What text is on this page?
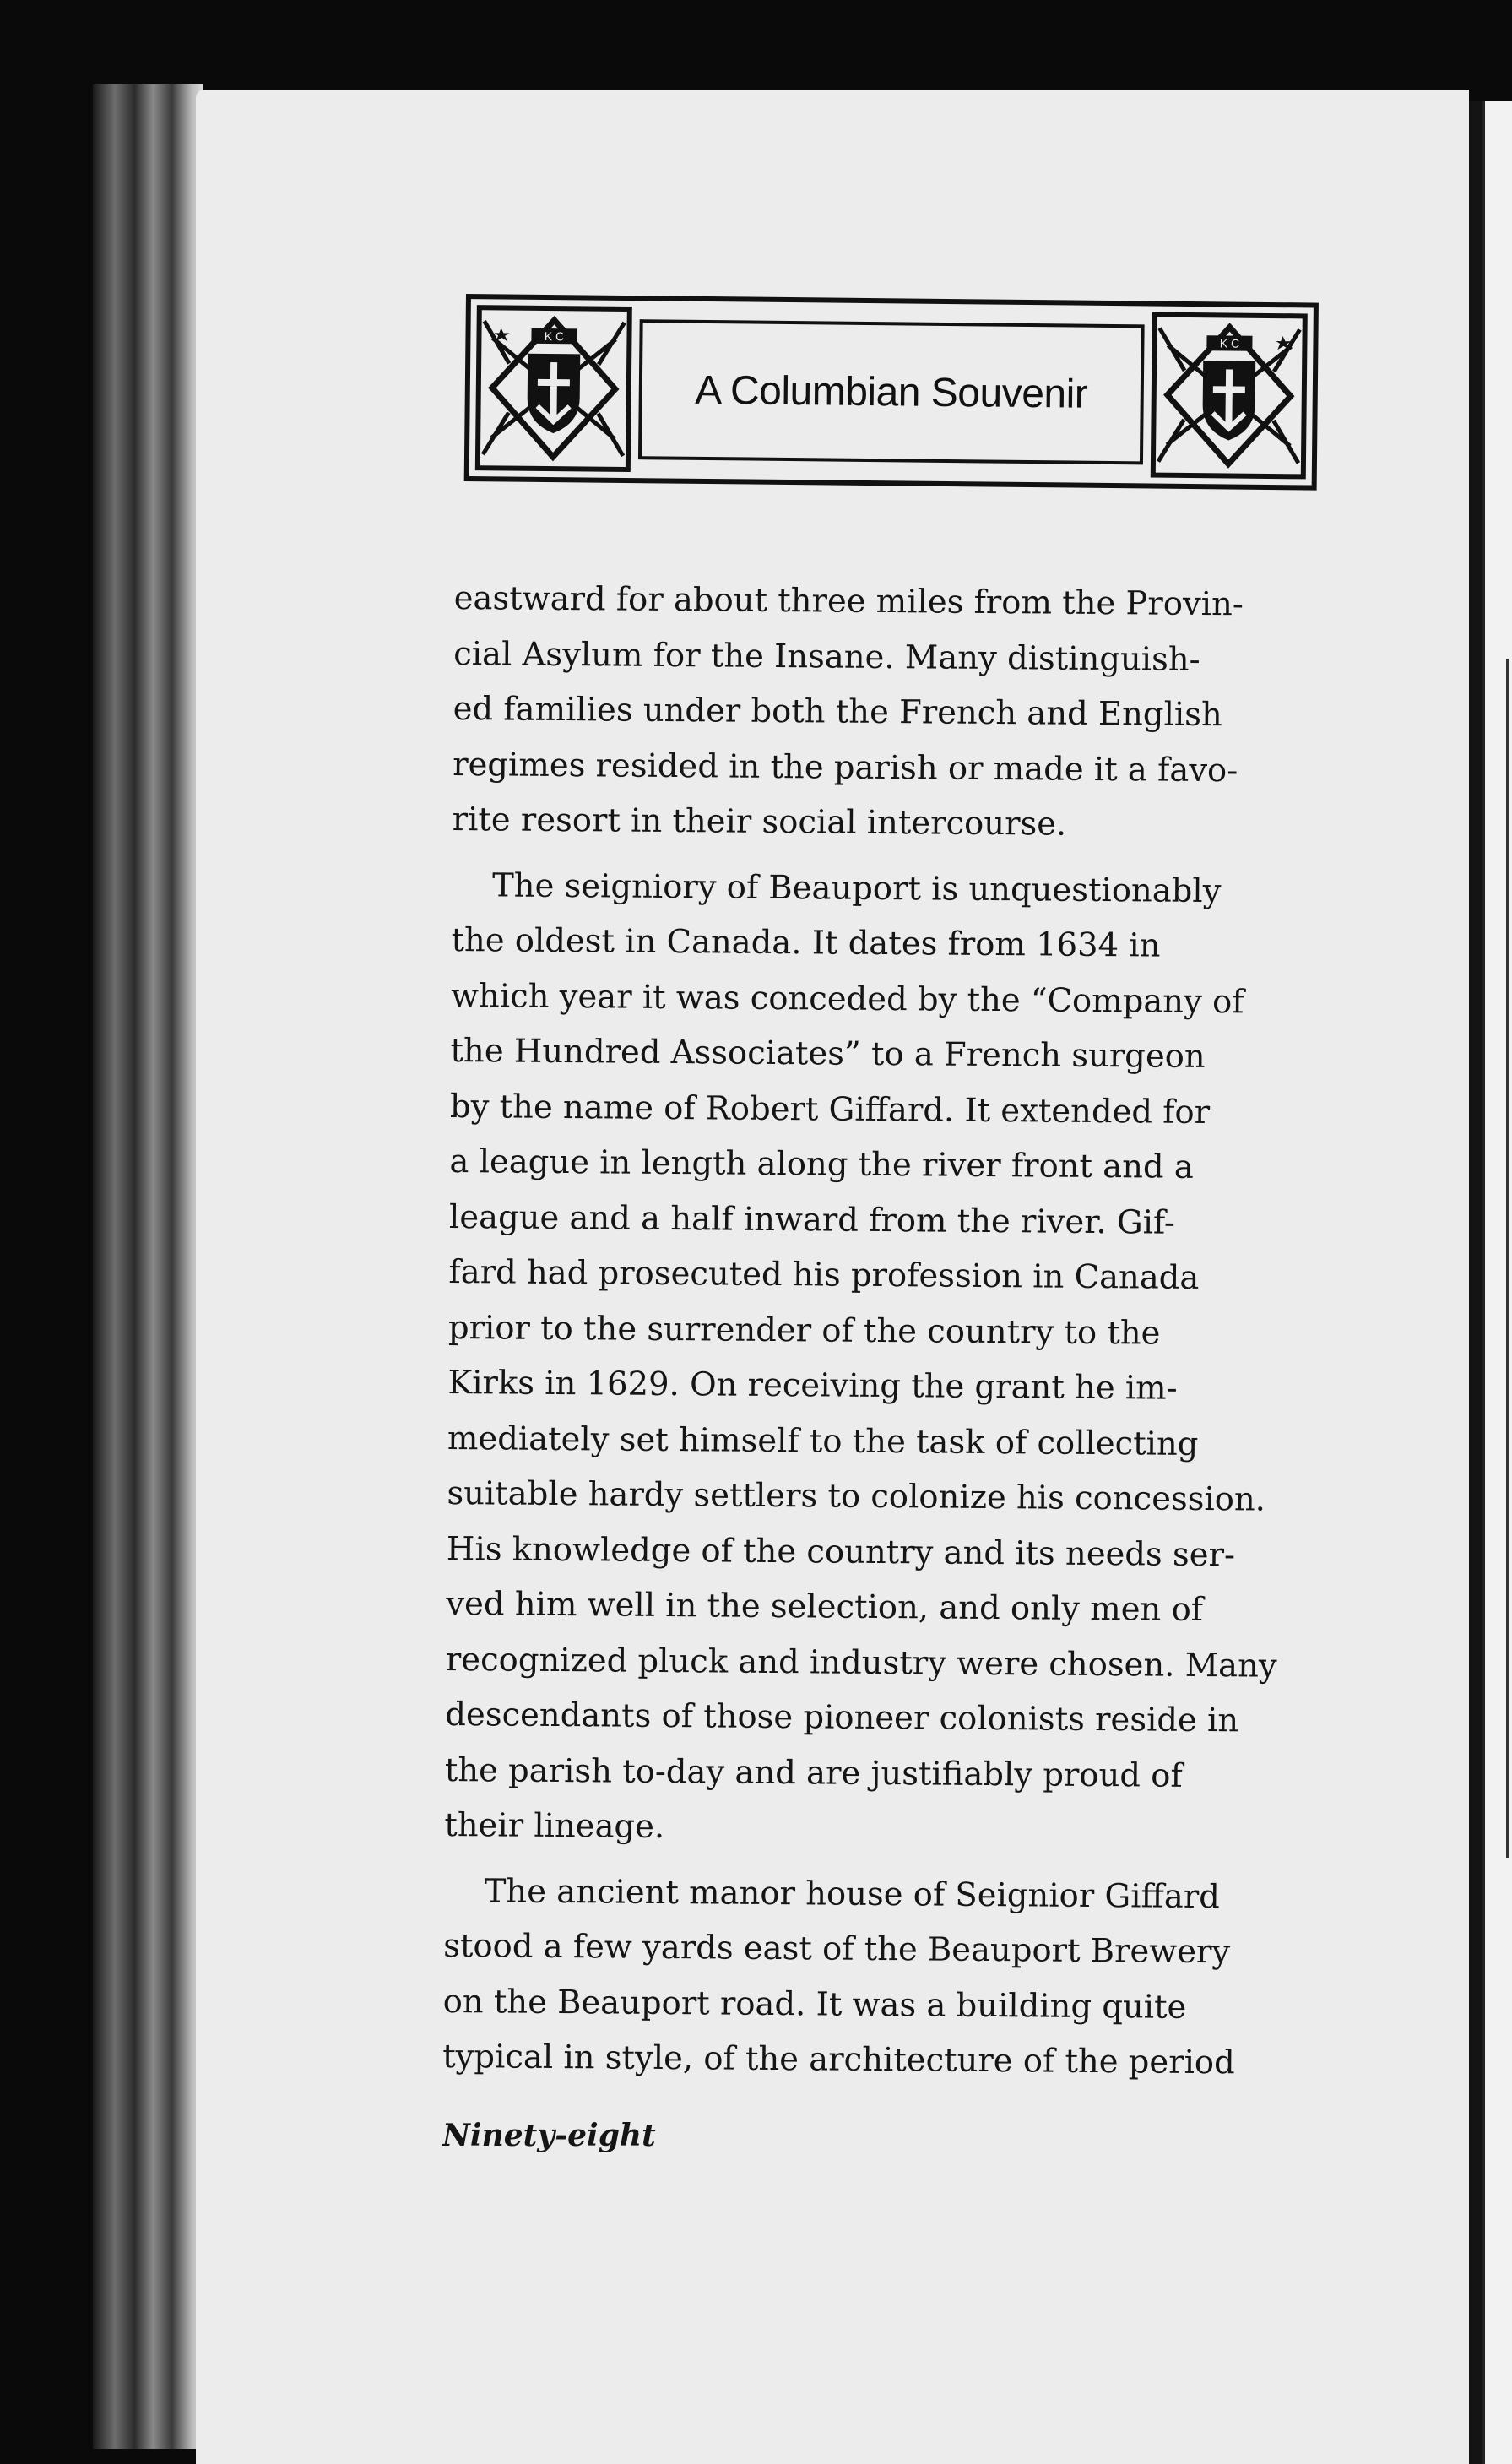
K C
A Columbian Souvenir
K C
eastward for about three miles from the Provin-
cial Asylum for the Insane. Many distinguish-
ed families under both the French and English
regimes resided in the parish or made it a favo-
rite resort in their social intercourse.
The seigniory of Beauport is unquestionably
the oldest in Canada. It dates from 1634 in
which year it was conceded by the “Company of
the Hundred Associates” to a French surgeon
by the name of Robert Giffard. It extended for
a league in length along the river front and a
league and a half inward from the river. Gif-
fard had prosecuted his profession in Canada
prior to the surrender of the country to the
Kirks in 1629. On receiving the grant he im-
mediately set himself to the task of collecting
suitable hardy settlers to colonize his concession.
His knowledge of the country and its needs ser-
ved him well in the selection, and only men of
recognized pluck and industry were chosen. Many
descendants of those pioneer colonists reside in
the parish to-day and are justifiably proud of
their lineage.
The ancient manor house of Seignior Giffard
stood a few yards east of the Beauport Brewery
on the Beauport road. It was a building quite
typical in style, of the architecture of the period
Ninety-eight
